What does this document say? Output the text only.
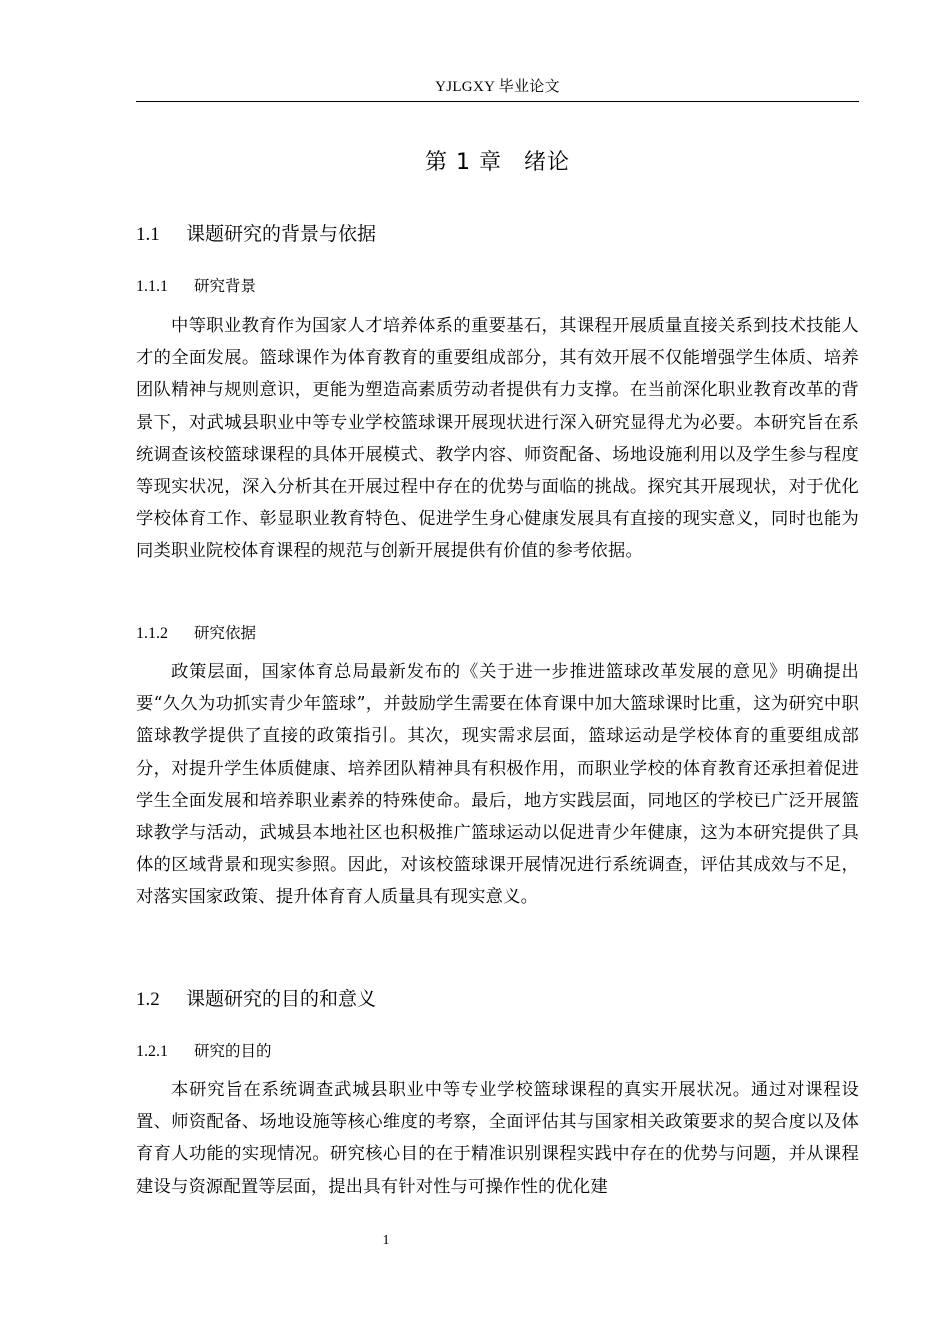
YJLGXY 毕业论文
第 1 章 绪论
1.1 课题研究的背景与依据
1.1.1 研究背景

中等职业教育作为国家人才培养体系的重要基石，其课程开展质量直接关系到技术技能人才的全面发展。篮球课作为体育教育的重要组成部分，其有效开展不仅能增强学生体质、培养团队精神与规则意识，更能为塑造高素质劳动者提供有力支撑。在当前深化职业教育改革的背景下，对武城县职业中等专业学校篮球课开展现状进行深入研究显得尤为必要。本研究旨在系统调查该校篮球课程的具体开展模式、教学内容、师资配备、场地设施利用以及学生参与程度等现实状况，深入分析其在开展过程中存在的优势与面临的挑战。探究其开展现状，对于优化学校体育工作、彰显职业教育特色、促进学生身心健康发展具有直接的现实意义，同时也能为同类职业院校体育课程的规范与创新开展提供有价值的参考依据。

1.1.2 研究依据

政策层面，国家体育总局最新发布的《关于进一步推进篮球改革发展的意见》明确提出要“久久为功抓实青少年篮球”，并鼓励学生需要在体育课中加大篮球课时比重，这为研究中职篮球教学提供了直接的政策指引。其次，现实需求层面，篮球运动是学校体育的重要组成部分，对提升学生体质健康、培养团队精神具有积极作用，而职业学校的体育教育还承担着促进学生全面发展和培养职业素养的特殊使命。最后，地方实践层面，同地区的学校已广泛开展篮球教学与活动，武城县本地社区也积极推广篮球运动以促进青少年健康，这为本研究提供了具体的区域背景和现实参照。因此，对该校篮球课开展情况进行系统调查，评估其成效与不足，对落实国家政策、提升体育育人质量具有现实意义。

1.2 课题研究的目的和意义
1.2.1 研究的目的

本研究旨在系统调查武城县职业中等专业学校篮球课程的真实开展状况。通过对课程设置、师资配备、场地设施等核心维度的考察，全面评估其与国家相关政策要求的契合度以及体育育人功能的实现情况。研究核心目的在于精准识别课程实践中存在的优势与问题，并从课程建设与资源配置等层面，提出具有针对性与可操作性的优化建

1
